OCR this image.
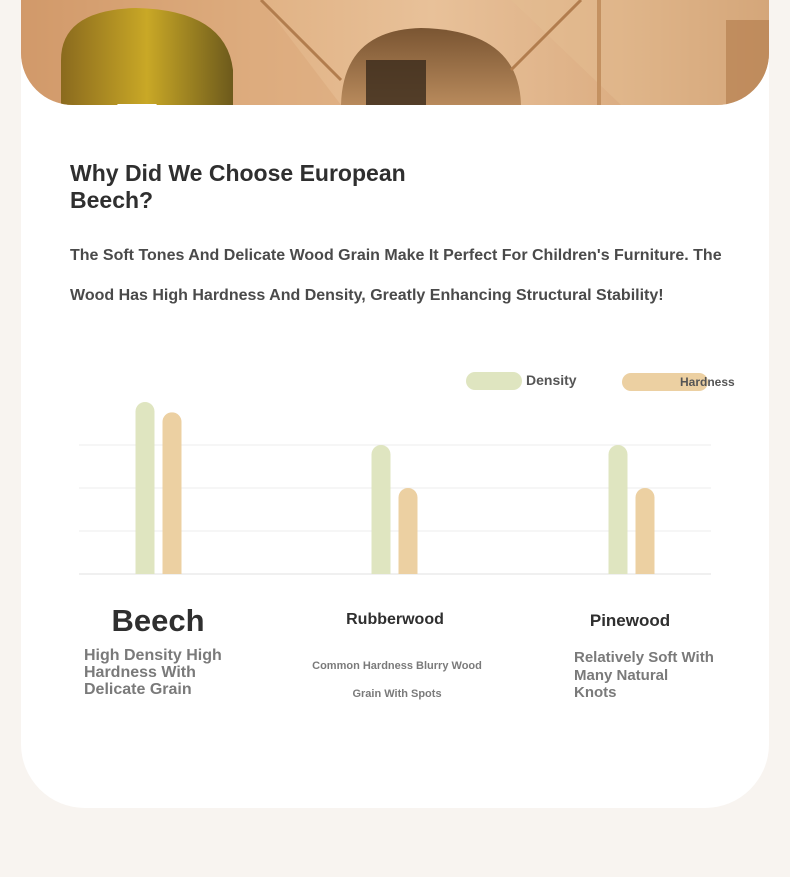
Why Did We Choose European Beech?

The Soft Tones And Delicate Wood Grain Make It Perfect For Children's Furniture. The Wood Has High Hardness And Density, Greatly Enhancing Structural Stability!

Density	Hardness
Beech	Rubberwood	Pinewood

High Density High Hardness With Delicate Grain

Common Hardness Blurry Wood Grain With Spots

Relatively Soft With Many Natural Knots
